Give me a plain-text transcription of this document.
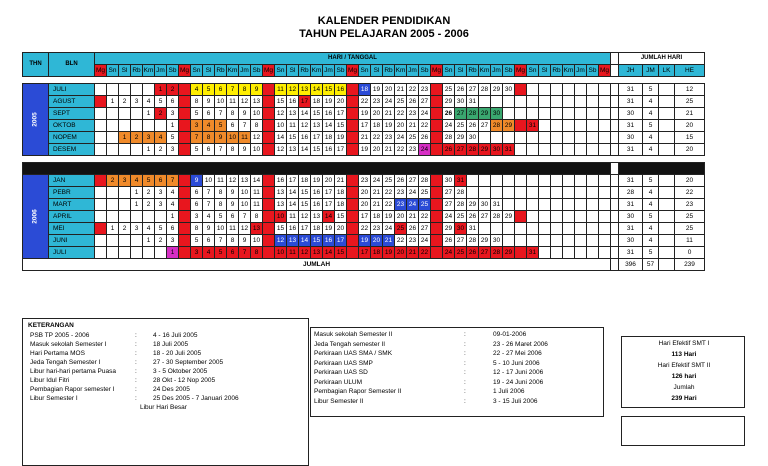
KALENDER PENDIDIKAN
TAHUN PELAJARAN 2005 - 2006
THN	BLN	HARI / TANGGAL																																												JUMLAH HARI			
		Mg	Sn	Sl	Rb	Km	Jm	Sb	Mg	Sn	Sl	Rb	Km	Jm	Sb	Mg	Sn	Sl	Rb	Km	Jm	Sb	Mg	Sn	Sl	Rb	Km	Jm	Sb	Mg	Sn	Sl	Rb	Km	Jm	Sb	Mg	Sn	Sl	Rb	Km	Jm	Sb	Mg		JH	JM	LK	HE

2005	JULI						1	2		4	5	6	7	8	9		11	12	13	14	15	16		18	19	20	21	22	23		25	26	27	28	29	30										31	5		12
	AGUST		1	2	3	4	5	6		8	9	10	11	12	13		15	16	17	18	19	20		22	23	24	25	26	27		29	30	31													31	4		25
	SEPT					1	2	3		5	6	7	8	9	10		12	13	14	15	16	17		19	20	21	22	23	24		26	27	28	29	30											30	4		21
	OKTOB							1		3	4	5	6	7	8		10	11	12	13	14	15		17	18	19	20	21	22		24	25	26	27	28	29		31								31	5		20
	NOPEM			1	2	3	4	5		7	8	9	10	11	12		14	15	16	17	18	19		21	22	23	24	25	26		28	29	30													30	4		15
	DESEM					1	2	3		5	6	7	8	9	10		12	13	14	15	16	17		19	20	21	22	23	24		26	27	28	29	30	31										31	4		20

2006	JAN		2	3	4	5	6	7		9	10	11	12	13	14		16	17	18	19	20	21		23	24	25	26	27	28		30	31														31	5		20
	PEBR				1	2	3	4		6	7	8	9	10	11		13	14	15	16	17	18		20	21	22	23	24	25		27	28														28	4		22
	MART				1	2	3	4		6	7	8	9	10	11		13	14	15	16	17	18		20	21	22	23	24	25		27	28	29	30	31											31	4		23
	APRIL							1		3	4	5	6	7	8		10	11	12	13	14	15		17	18	19	20	21	22		24	25	26	27	28	29										30	5		25
	MEI		1	2	3	4	5	6		8	9	10	11	12	13		15	16	17	18	19	20		22	23	24	25	26	27		29	30	31													31	4		25
	JUNI					1	2	3		5	6	7	8	9	10		12	13	14	15	16	17		19	20	21	22	23	24		26	27	28	29	30											30	4		11
	JULI							1		3	4	5	6	7	8		10	11	12	13	14	15		17	18	19	20	21	22		24	25	26	27	28	29		31								31	5		0
JUMLAH																																														396	57		239
KETERANGAN
PSB TP 2005 - 2006	: 4 - 16 Juli 2005
Masuk sekolah Semester I	: 18 Juli 2005
Hari Pertama MOS	: 18 - 20 Juli 2005
Jeda Tengah Semester I	: 27 - 30 September 2005
Libur hari-hari pertama Puasa	: 3 - 5 Oktober 2005
Libur Idul Fitri	: 28 Okt - 12 Nop 2005
Pembagian Rapor semester I	: 24 Des 2005
Libur Semester I	: 25 Des 2005 - 7 Januari 2006
Libur Hari Besar
Masuk sekolah Semester II	:	09-01-2006
Jeda Tengah semester II	:	23 - 26 Maret 2006
Perkiraan UAS SMA / SMK	:	22 - 27 Mei 2006
Perkiraan UAS SMP	:	5 - 10 Juni 2006
Perkiraan UAS SD	:	12 - 17 Juni 2006
Perkiraan ULUM	:	19 - 24 Juni 2006
Pembagian Rapor Semester II	:	1 Juli 2006
Libur Semester II	:	3 - 15 Juli 2006
Hari Efektif SMT I
113 Hari
Hari Efektif SMT II
126 hari
Jumlah
239 Hari
